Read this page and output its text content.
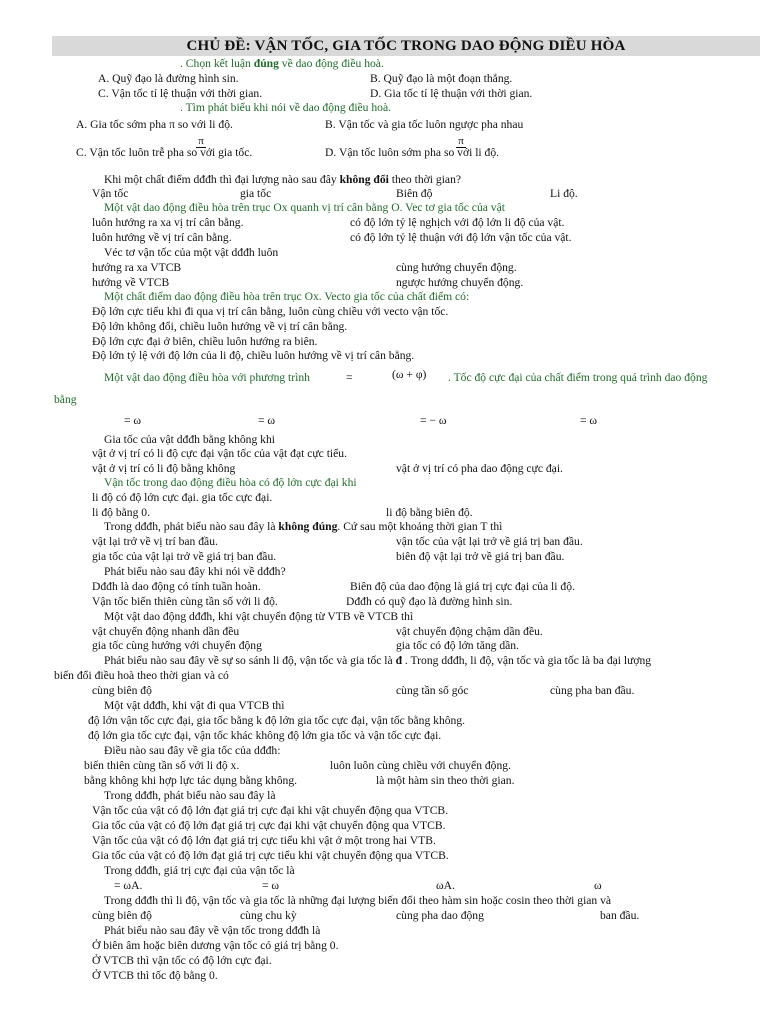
CHỦ ĐỀ: VẬN TỐC, GIA TỐC TRONG DAO ĐỘNG DIỀU HÒA
. Chọn kết luận đúng về dao động điều hoà.
A. Quỹ đạo là đường hình sin.	B. Quỹ đạo là một đoạn thẳng.
C. Vận tốc tỉ lệ thuận với thời gian.	D. Gia tốc tỉ lệ thuận với thời gian.
. Tìm phát biểu khi nói về dao động điều hoà.
A. Gia tốc sớm pha π so với li độ.	B. Vận tốc và gia tốc luôn ngược pha nhau
C. Vận tốc luôn trễ pha so với gia tốc.	D. Vận tốc luôn sớm pha so với li độ.
Khi một chất điểm dđđh thì đại lượng nào sau đây không đổi theo thời gian?
Vận tốc	gia tốc	Biên độ	Li độ.
Một vật dao động điều hòa trên trục Ox quanh vị trí cân bằng O. Vec tơ gia tốc của vật
luôn hướng ra xa vị trí cân bằng.	có độ lớn tỷ lệ nghịch với độ lớn li độ của vật.
luôn hướng về vị trí cân bằng.	có độ lớn tỷ lệ thuận với độ lớn vận tốc của vật.
Véc tơ vận tốc của một vật dđđh luôn
hướng ra xa VTCB	cùng hướng chuyển động.
hướng về VTCB	ngược hướng chuyển động.
Một chất điểm dao động điều hòa trên trục Ox. Vecto gia tốc của chất điểm có:
Độ lớn cực tiểu khi đi qua vị trí cân bằng, luôn cùng chiều với vecto vận tốc.
Độ lớn không đổi, chiều luôn hướng về vị trí cân bằng.
Độ lớn cực đại ở biên, chiều luôn hướng ra biên.
Độ lớn tỷ lệ với độ lớn của li độ, chiều luôn hướng về vị trí cân bằng.
Một vật dao động điều hòa với phương trình	=	(ω + φ) . Tốc độ cực đại của chất điểm trong quá trình dao động
bằng
= ω	= ω	= − ω	= ω
Gia tốc của vật dđđh bằng không khi
vật ở vị trí có li độ cực đại vận tốc của vật đạt cực tiểu.
vật ở vị trí có li độ bằng không	vật ở vị trí có pha dao động cực đại.
Vận tốc trong dao động điều hòa có độ lớn cực đại khi
li độ có độ lớn cực đại. gia tốc cực đại.
li độ bằng 0.	li độ bằng biên độ.
Trong dđđh, phát biểu nào sau đây là không đúng. Cứ sau một khoảng thời gian T thì
vật lại trở về vị trí ban đầu.	vận tốc của vật lại trở về giá trị ban đầu.
gia tốc của vật lại trở về giá trị ban đầu.	biên độ vật lại trở về giá trị ban đầu.
Phát biểu nào sau đây khi nói về dđđh?
Dđđh là dao động có tính tuần hoàn.	Biên độ của dao động là giá trị cực đại của li độ.
Vận tốc biến thiên cùng tần số với li độ.	Dđđh có quỹ đạo là đường hình sin.
Một vật dao động dđđh, khi vật chuyển động từ VTB về VTCB thì
vật chuyển động nhanh dần đều	vật chuyển động chậm dần đều.
gia tốc cùng hướng với chuyển động	gia tốc có độ lớn tăng dần.
Phát biểu nào sau đây về sự so sánh li độ, vận tốc và gia tốc là đ . Trong dđđh, li độ, vận tốc và gia tốc là ba đại lượng
biến đổi điều hoà theo thời gian và có
cùng biên độ	cùng tần số góc	cùng pha ban đầu.
Một vật dđđh, khi vật đi qua VTCB thì
độ lớn vận tốc cực đại, gia tốc bằng k độ lớn gia tốc cực đại, vận tốc bằng không.
độ lớn gia tốc cực đại, vận tốc khác không độ lớn gia tốc và vận tốc cực đại.
Điều nào sau đây về gia tốc của dđđh:
biến thiên cùng tần số với li độ x.	luôn luôn cùng chiều với chuyển động.
bằng không khi hợp lực tác dụng bằng không.	là một hàm sin theo thời gian.
Trong dđđh, phát biểu nào sau đây là
Vận tốc của vật có độ lớn đạt giá trị cực đại khi vật chuyển động qua VTCB.
Gia tốc của vật có độ lớn đạt giá trị cực đại khi vật chuyển động qua VTCB.
Vận tốc của vật có độ lớn đạt giá trị cực tiểu khi vật ở một trong hai VTB.
Gia tốc của vật có độ lớn đạt giá trị cực tiểu khi vật chuyển động qua VTCB.
Trong dđđh, giá trị cực đại của vận tốc là
= ωA.	= ω	ωA.	ω
Trong dđđh thì li độ, vận tốc và gia tốc là những đại lượng biến đổi theo hàm sin hoặc cosin theo thời gian và
cùng biên độ	cùng chu kỳ	cùng pha dao động	ban đầu.
Phát biểu nào sau đây về vận tốc trong dđđh là
Ở biên âm hoặc biên dương vận tốc có giá trị bằng 0.
Ở VTCB thì vận tốc có độ lớn cực đại.
Ở VTCB thì tốc độ bằng 0.
π	π
